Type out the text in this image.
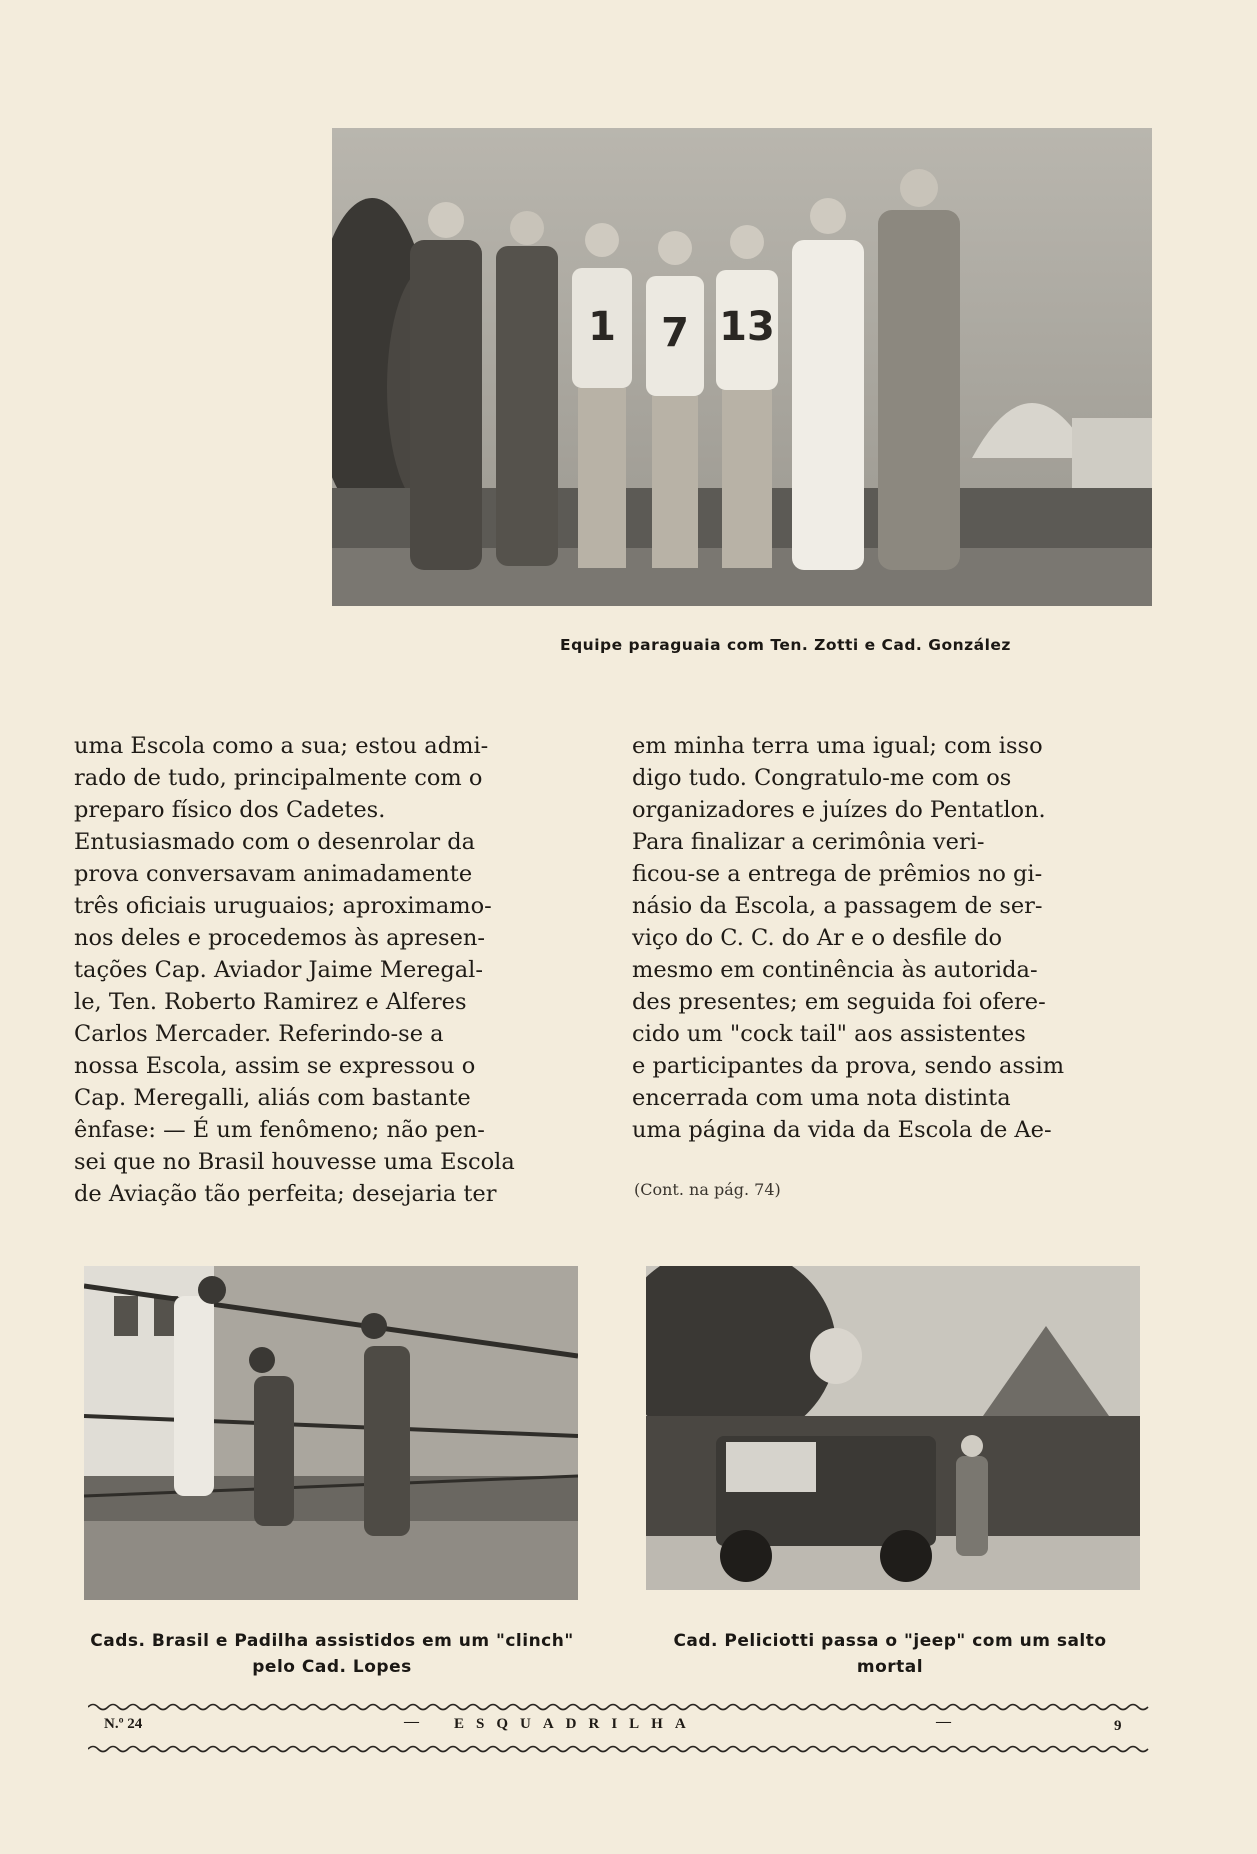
1 7 13
Equipe paraguaia com Ten. Zotti e Cad. González

uma Escola como a sua; estou admi-
rado de tudo, principalmente com o
preparo físico dos Cadetes.
Entusiasmado com o desenrolar da
prova conversavam animadamente
três oficiais uruguaios; aproximamo-
nos deles e procedemos às apresen-
tações Cap. Aviador Jaime Meregal-
le, Ten. Roberto Ramirez e Alferes
Carlos Mercader. Referindo-se a
nossa Escola, assim se expressou o
Cap. Meregalli, aliás com bastante
ênfase: — É um fenômeno; não pen-
sei que no Brasil houvesse uma Escola
de Aviação tão perfeita; desejaria ter

em minha terra uma igual; com isso
digo tudo. Congratulo-me com os
organizadores e juízes do Pentatlon.
Para finalizar a cerimônia veri-
ficou-se a entrega de prêmios no gi-
násio da Escola, a passagem de ser-
viço do C. C. do Ar e o desfile do
mesmo em continência às autorida-
des presentes; em seguida foi ofere-
cido um "cock tail" aos assistentes
e participantes da prova, sendo assim
encerrada com uma nota distinta
uma página da vida da Escola de Ae-

(Cont. na pág. 74)
Cads. Brasil e Padilha assistidos em um "clinch" pelo Cad. Lopes
Cad. Peliciotti passa o "jeep" com um salto mortal
N.º 24	— ESQUADRILHA	—	9
